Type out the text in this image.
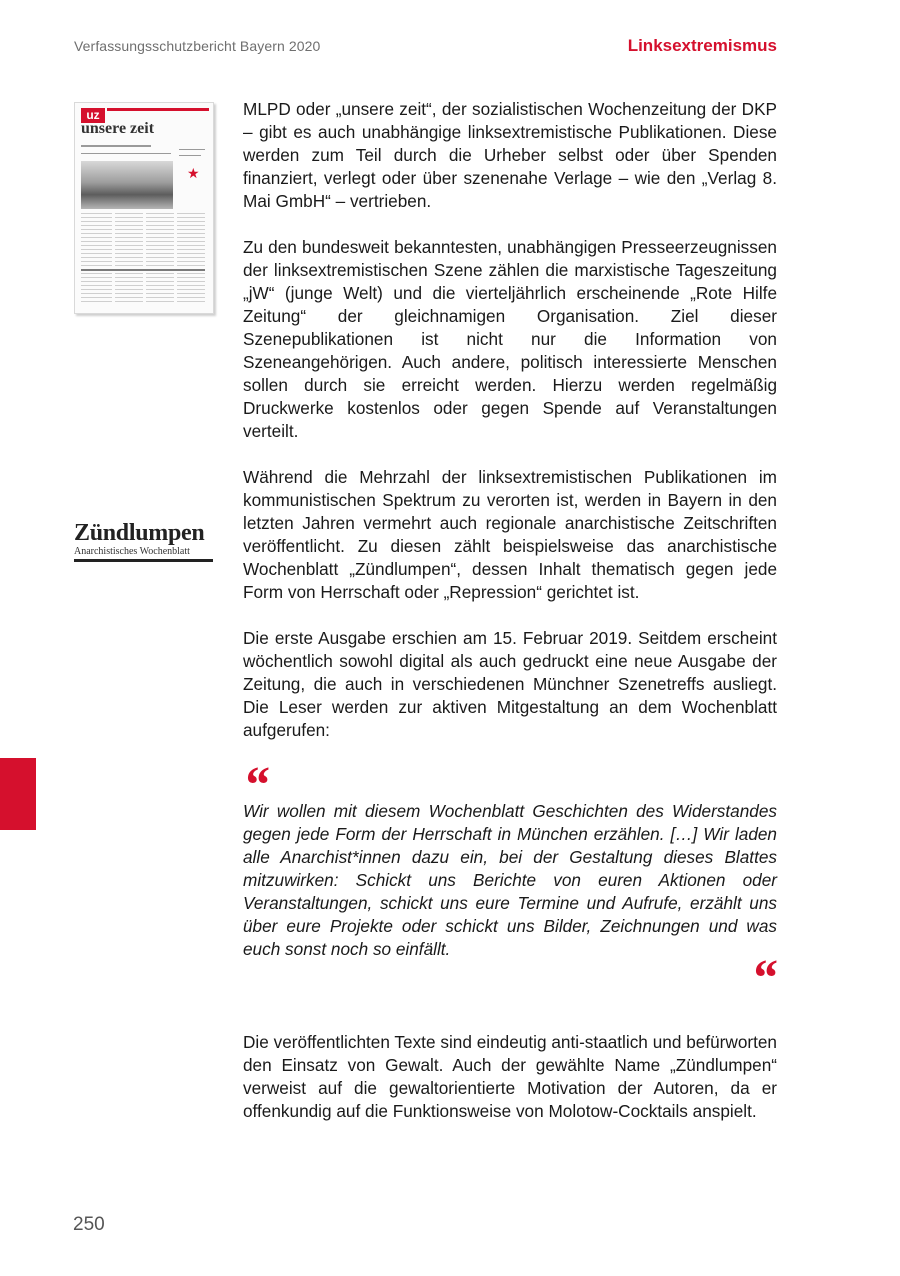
Verfassungsschutzbericht Bayern 2020	Linksextremismus
uz
unsere zeit
★
Zündlumpen
Anarchistisches Wochenblatt

MLPD oder „unsere zeit“, der sozialistischen Wochenzeitung der DKP – gibt es auch unabhängige linksextremistische Publikationen. Diese werden zum Teil durch die Urheber selbst oder über Spenden finanziert, verlegt oder über szenenahe Verlage – wie den „Verlag 8. Mai GmbH“ – vertrieben.

Zu den bundesweit bekanntesten, unabhängigen Presseerzeugnissen der linksextremistischen Szene zählen die marxistische Tageszeitung „jW“ (junge Welt) und die vierteljährlich erscheinende „Rote Hilfe Zeitung“ der gleichnamigen Organisation. Ziel dieser Szenepublikationen ist nicht nur die Information von Szeneangehörigen. Auch andere, politisch interessierte Menschen sollen durch sie erreicht werden. Hierzu werden regelmäßig Druckwerke kostenlos oder gegen Spende auf Veranstaltungen verteilt.

Während die Mehrzahl der linksextremistischen Publikationen im kommunistischen Spektrum zu verorten ist, werden in Bayern in den letzten Jahren vermehrt auch regionale anarchistische Zeitschriften veröffentlicht. Zu diesen zählt beispielsweise das anarchistische Wochenblatt „Zündlumpen“, dessen Inhalt thematisch gegen jede Form von Herrschaft oder „Repression“ gerichtet ist.

Die erste Ausgabe erschien am 15. Februar 2019. Seitdem erscheint wöchentlich sowohl digital als auch gedruckt eine neue Ausgabe der Zeitung, die auch in verschiedenen Münchner Szenetreffs ausliegt. Die Leser werden zur aktiven Mitgestaltung an dem Wochenblatt aufgerufen:

“

Wir wollen mit diesem Wochenblatt Geschichten des Widerstandes gegen jede Form der Herrschaft in München erzählen. […] Wir laden alle Anarchist*innen dazu ein, bei der Gestaltung dieses Blattes mitzuwirken: Schickt uns Berichte von euren Aktionen oder Veranstaltungen, schickt uns eure Termine und Aufrufe, erzählt uns über eure Projekte oder schickt uns Bilder, Zeichnungen und was euch sonst noch so einfällt.

“

Die veröffentlichten Texte sind eindeutig anti-staatlich und befürworten den Einsatz von Gewalt. Auch der gewählte Name „Zündlumpen“ verweist auf die gewaltorientierte Motivation der Autoren, da er offenkundig auf die Funktionsweise von Molotow-Cocktails anspielt.

250
